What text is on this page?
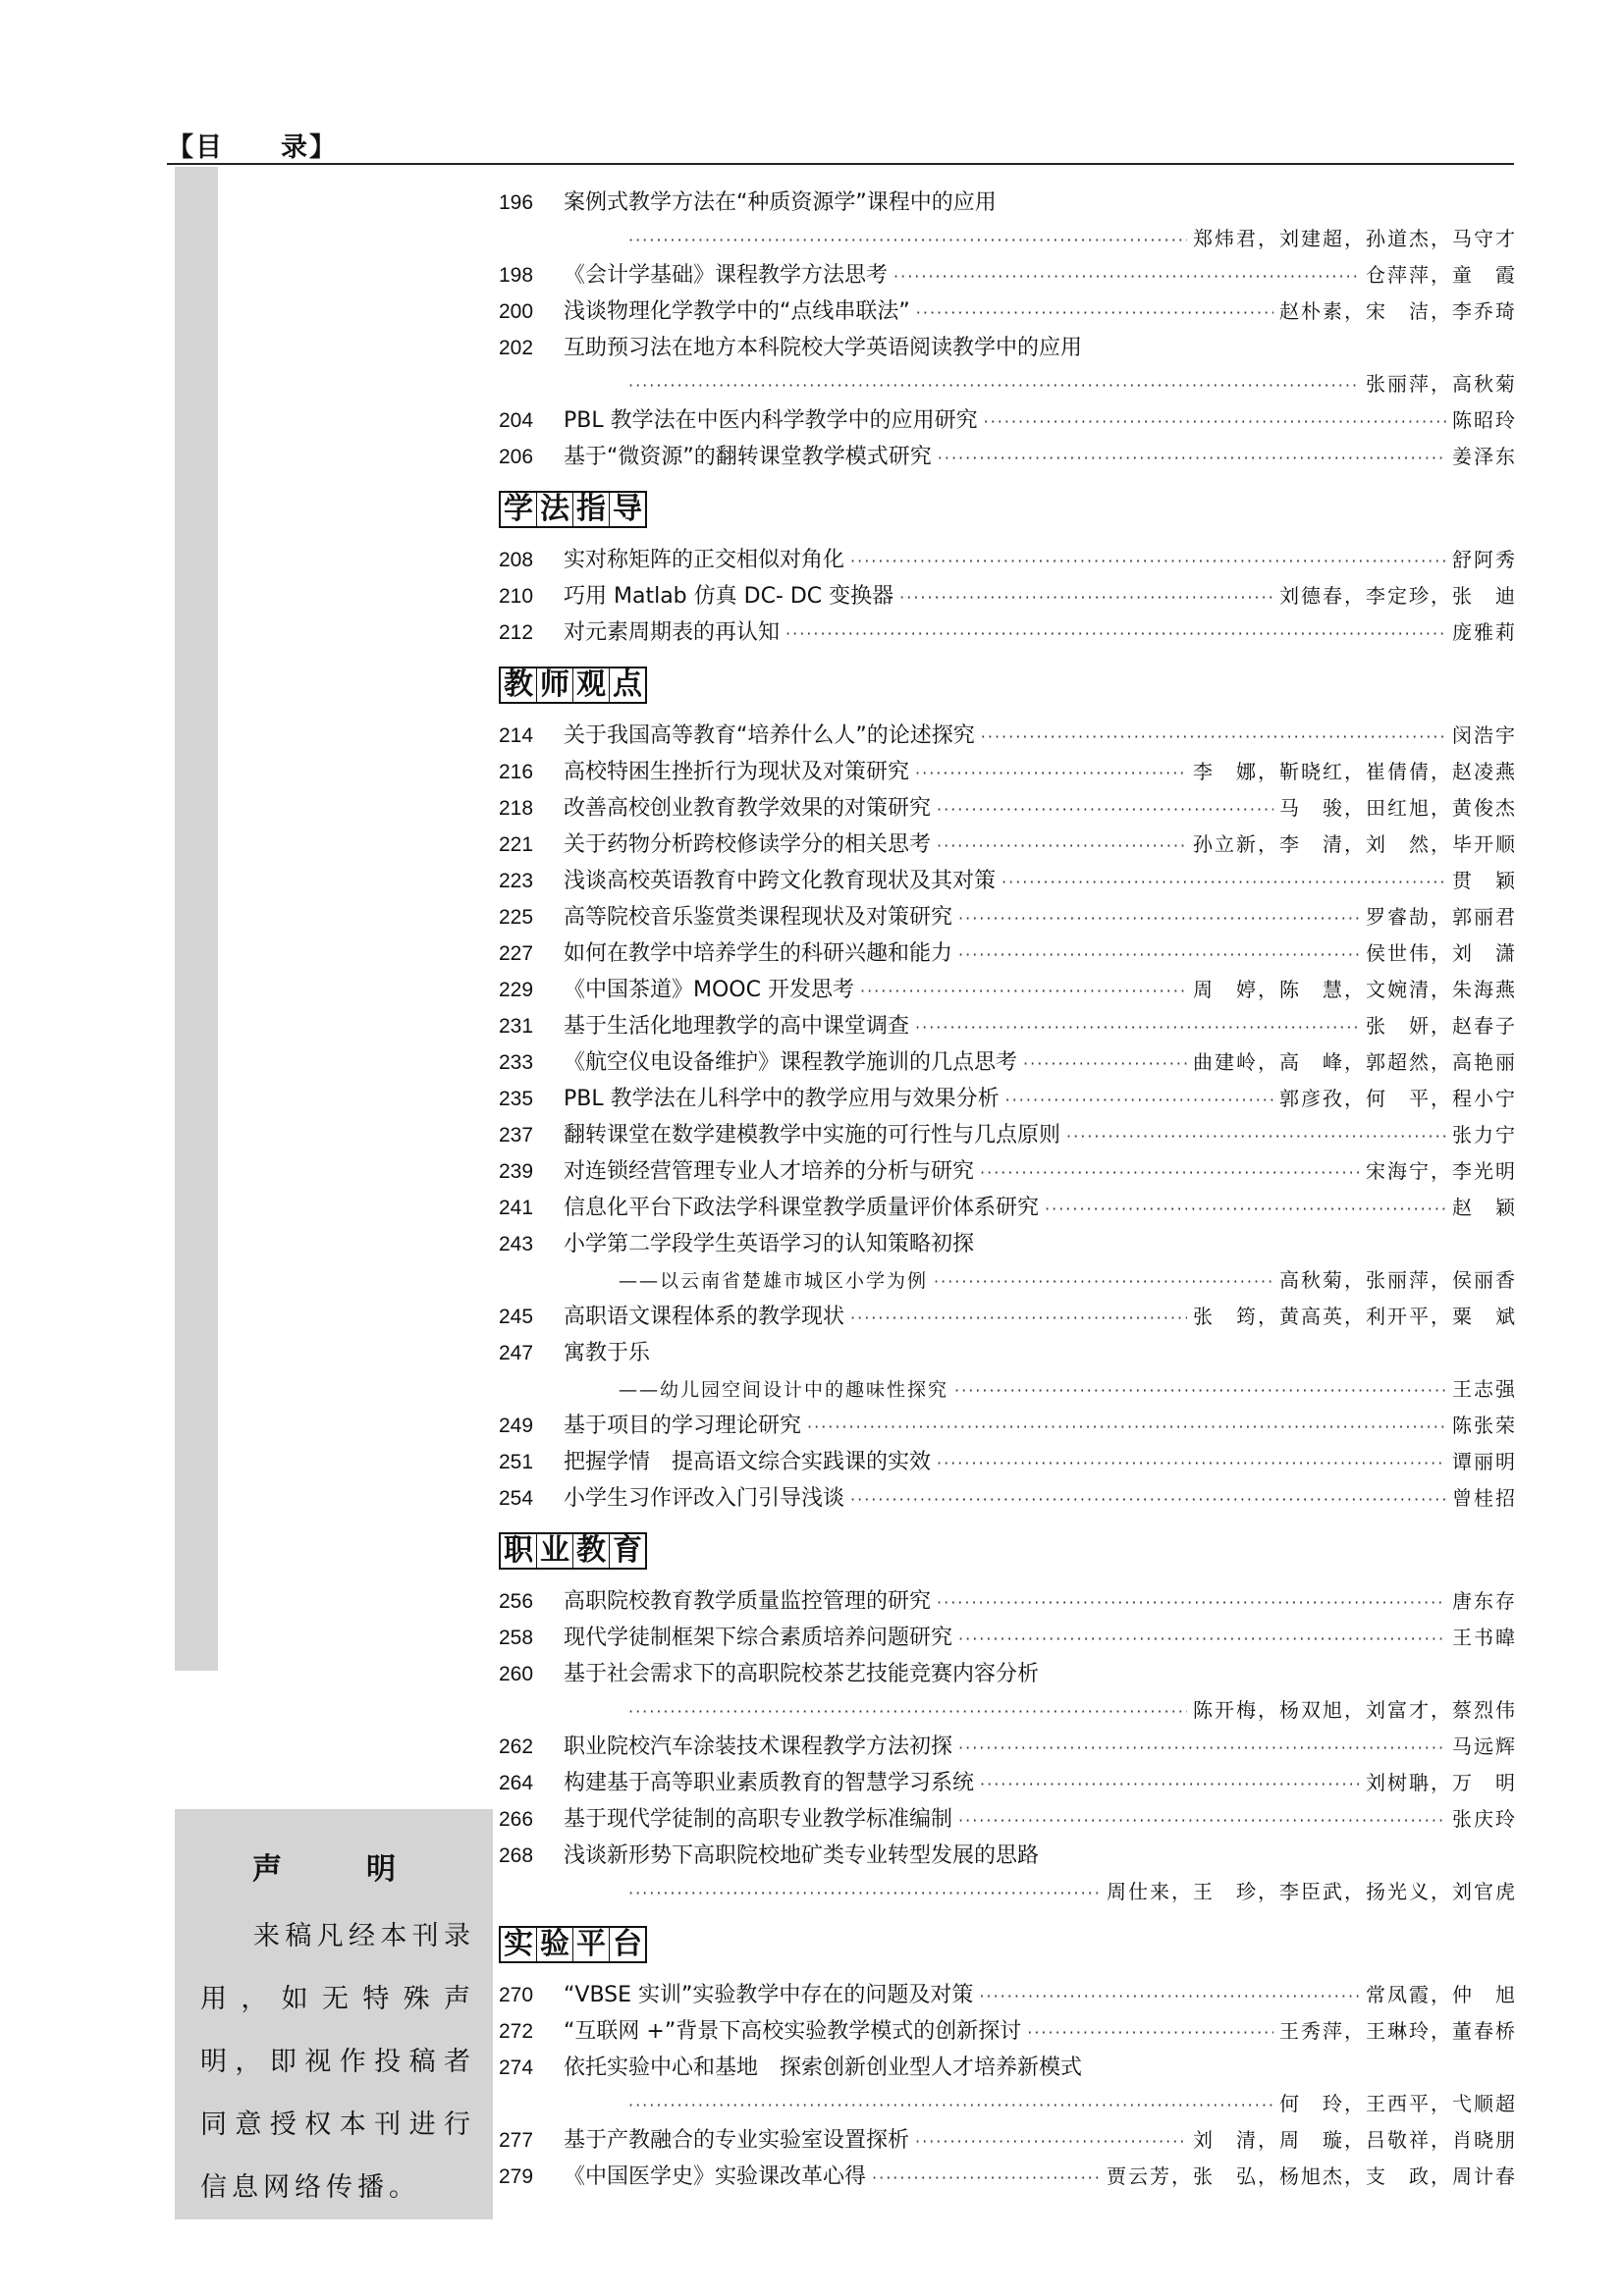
【目　　录】
声　明
来稿凡经本刊录用，如无特殊声明，即视作投稿者同意授权本刊进行信息网络传播。
196	案例式教学方法在“种质资源学”课程中的应用
·····
郑炜君，刘建超，孙道杰，马守才
198	《会计学基础》课程教学方法思考 ·····	仓萍萍，童　霞
200	浅谈物理化学教学中的“点线串联法” ·····	赵朴素，宋　洁，李乔琦
202	互助预习法在地方本科院校大学英语阅读教学中的应用
·····
张丽萍，高秋菊
204	PBL 教学法在中医内科学教学中的应用研究 ·····	陈昭玲
206	基于“微资源”的翻转课堂教学模式研究 ·····	姜泽东
学 法 指 导
208	实对称矩阵的正交相似对角化 ·····	舒阿秀
210	巧用 Matlab 仿真 DC- DC 变换器 ·····	刘德春，李定珍，张　迪
212	对元素周期表的再认知 ·····	庞雅莉
教 师 观 点
214	关于我国高等教育“培养什么人”的论述探究 ·····	闵浩宇
216	高校特困生挫折行为现状及对策研究 ·····	李　娜，靳晓红，崔倩倩，赵凌燕
218	改善高校创业教育教学效果的对策研究 ·····	马　骏，田红旭，黄俊杰
221	关于药物分析跨校修读学分的相关思考 ·····	孙立新，李　清，刘　然，毕开顺
223	浅谈高校英语教育中跨文化教育现状及其对策 ·····	贯　颖
225	高等院校音乐鉴赏类课程现状及对策研究 ·····	罗睿劼，郭丽君
227	如何在教学中培养学生的科研兴趣和能力 ·····	侯世伟，刘　潇
229	《中国茶道》MOOC 开发思考 ·····	周　婷，陈　慧，文婉清，朱海燕
231	基于生活化地理教学的高中课堂调查 ·····	张　妍，赵春子
233	《航空仪电设备维护》课程教学施训的几点思考 ·····	曲建岭，高　峰，郭超然，高艳丽
235	PBL 教学法在儿科学中的教学应用与效果分析 ·····	郭彦孜，何　平，程小宁
237	翻转课堂在数学建模教学中实施的可行性与几点原则 ·····	张力宁
239	对连锁经营管理专业人才培养的分析与研究 ·····	宋海宁，李光明
241	信息化平台下政法学科课堂教学质量评价体系研究 ·····	赵　颖
243	小学第二学段学生英语学习的认知策略初探
——以云南省楚雄市城区小学为例 ·····	高秋菊，张丽萍，侯丽香
245	高职语文课程体系的教学现状 ·····	张　筠，黄高英，利开平，粟　斌
247	寓教于乐
——幼儿园空间设计中的趣味性探究 ·····	王志强
249	基于项目的学习理论研究 ·····	陈张荣
251	把握学情　提高语文综合实践课的实效 ·····	谭丽明
254	小学生习作评改入门引导浅谈 ·····	曾桂招
职 业 教 育
256	高职院校教育教学质量监控管理的研究 ·····	唐东存
258	现代学徒制框架下综合素质培养问题研究 ·····	王书暐
260	基于社会需求下的高职院校茶艺技能竞赛内容分析
·····
陈开梅，杨双旭，刘富才，蔡烈伟
262	职业院校汽车涂装技术课程教学方法初探 ·····	马远辉
264	构建基于高等职业素质教育的智慧学习系统 ·····	刘树聃，万　明
266	基于现代学徒制的高职专业教学标准编制 ·····	张庆玲
268	浅谈新形势下高职院校地矿类专业转型发展的思路
·····
周仕来，王　珍，李臣武，扬光义，刘官虎
实 验 平 台
270	“VBSE 实训”实验教学中存在的问题及对策 ·····	常凤霞，仲　旭
272	“互联网 +”背景下高校实验教学模式的创新探讨 ·····	王秀萍，王琳玲，董春桥
274	依托实验中心和基地　探索创新创业型人才培养新模式
·····
何　玲，王西平，弋顺超
277	基于产教融合的专业实验室设置探析 ·····	刘　清，周　璇，吕敬祥，肖晓朋
279	《中国医学史》实验课改革心得 ·····	贾云芳，张　弘，杨旭杰，支　政，周计春
